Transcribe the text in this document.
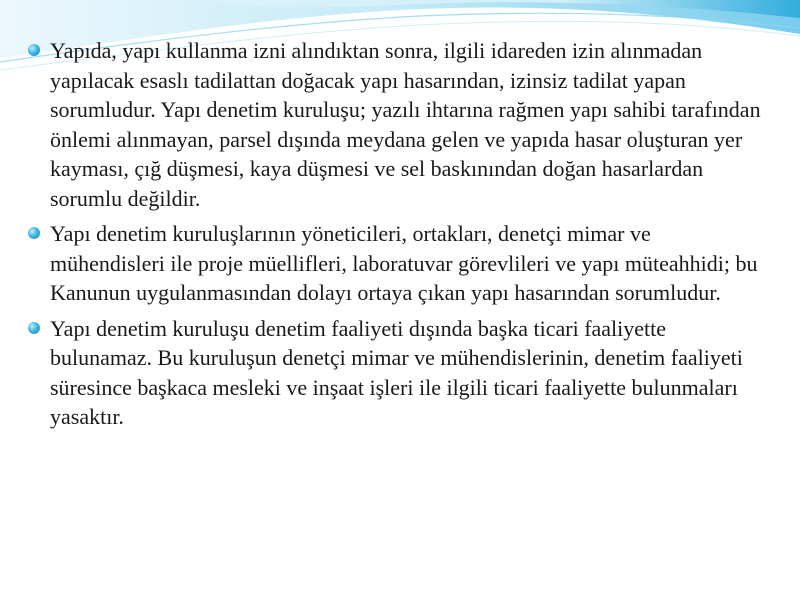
Yapıda, yapı kullanma izni alındıktan sonra, ilgili idareden izin alınmadan yapılacak esaslı tadilattan doğacak yapı hasarından, izinsiz tadilat yapan sorumludur. Yapı denetim kuruluşu; yazılı ihtarına rağmen yapı sahibi tarafından önlemi alınmayan, parsel dışında meydana gelen ve yapıda hasar oluşturan yer kayması, çığ düşmesi, kaya düşmesi ve sel baskınından doğan hasarlardan sorumlu değildir.
Yapı denetim kuruluşlarının yöneticileri, ortakları, denetçi mimar ve mühendisleri ile proje müellifleri, laboratuvar görevlileri ve yapı müteahhidi; bu Kanunun uygulanmasından dolayı ortaya çıkan yapı hasarından sorumludur.
Yapı denetim kuruluşu denetim faaliyeti dışında başka ticari faaliyette bulunamaz. Bu kuruluşun denetçi mimar ve mühendislerinin, denetim faaliyeti süresince başkaca mesleki ve inşaat işleri ile ilgili ticari faaliyette bulunmaları yasaktır.
